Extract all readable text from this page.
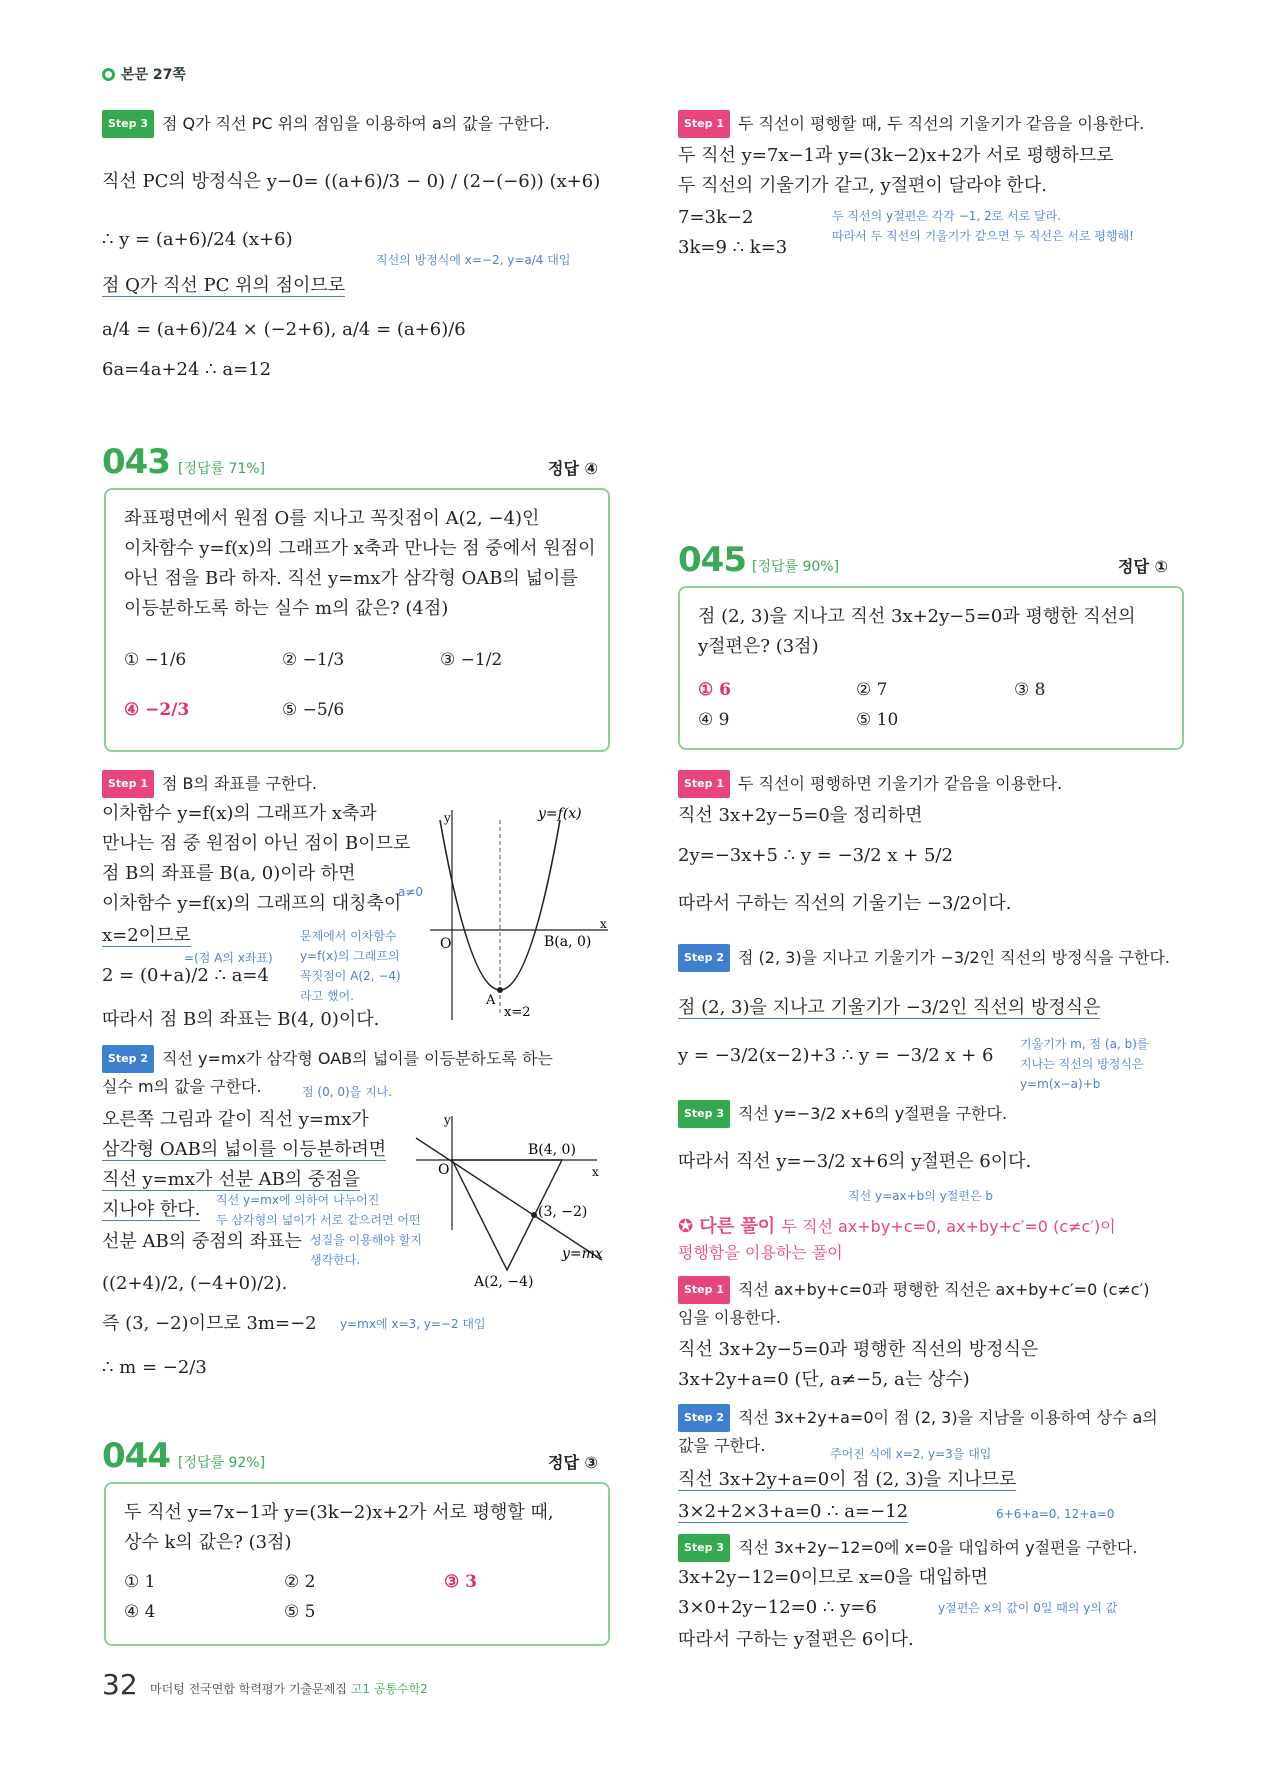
본문 27쪽
Step 3 점 Q가 직선 PC 위의 점임을 이용하여 a의 값을 구한다.
직선 PC의 방정식은 y−0= ((a+6)/3 − 0) / (2−(−6)) (x+6)
∴ y = (a+6)/24 (x+6)
직선의 방정식에 x=−2, y=a/4 대입
점 Q가 직선 PC 위의 점이므로
a/4 = (a+6)/24 × (−2+6), a/4 = (a+6)/6
6a=4a+24 ∴ a=12
043 [정답률 71%]	정답 ④
좌표평면에서 원점 O를 지나고 꼭짓점이 A(2, −4)인
이차함수 y=f(x)의 그래프가 x축과 만나는 점 중에서 원점이
아닌 점을 B라 하자. 직선 y=mx가 삼각형 OAB의 넓이를
이등분하도록 하는 실수 m의 값은? (4점)
① −1/6	② −1/3	③ −1/2
④ −2/3	⑤ −5/6
Step 1 점 B의 좌표를 구한다.
이차함수 y=f(x)의 그래프가 x축과
만나는 점 중 원점이 아닌 점이 B이므로
점 B의 좌표를 B(a, 0)이라 하면
이차함수 y=f(x)의 그래프의 대칭축이
x=2이므로
2 = (0+a)/2 ∴ a=4
따라서 점 B의 좌표는 B(4, 0)이다.
a≠0
=(점 A의 x좌표)
문제에서 이차함수
y=f(x)의 그래프의
꼭짓점이 A(2, −4)
라고 했어.
y	y=f(x)
O
x
B(a, 0)
A
x=2
Step 2 직선 y=mx가 삼각형 OAB의 넓이를 이등분하도록 하는
실수 m의 값을 구한다.	점 (0, 0)을 지나.
오른쪽 그림과 같이 직선 y=mx가
삼각형 OAB의 넓이를 이등분하려면
직선 y=mx가 선분 AB의 중점을
지나야 한다.
선분 AB의 중점의 좌표는
((2+4)/2, (−4+0)/2).
즉 (3, −2)이므로 3m=−2
∴ m = −2/3
직선 y=mx에 의하여 나누어진
두 삼각형의 넓이가 서로 같으려면 어떤
성질을 이용해야 할지
생각한다.
y=mx에 x=3, y=−2 대입
y
O	x
B(4, 0)
(3, −2)
A(2, −4)
y=mx
044 [정답률 92%]	정답 ③
두 직선 y=7x−1과 y=(3k−2)x+2가 서로 평행할 때,
상수 k의 값은? (3점)
① 1	② 2	③ 3
④ 4	⑤ 5
Step 1 두 직선이 평행할 때, 두 직선의 기울기가 같음을 이용한다.
두 직선 y=7x−1과 y=(3k−2)x+2가 서로 평행하므로
두 직선의 기울기가 같고, y절편이 달라야 한다.
7=3k−2
3k=9 ∴ k=3
두 직선의 y절편은 각각 −1, 2로 서로 달라.
따라서 두 직선의 기울기가 같으면 두 직선은 서로 평행해!
045 [정답률 90%]	정답 ①
점 (2, 3)을 지나고 직선 3x+2y−5=0과 평행한 직선의
y절편은? (3점)
① 6	② 7	③ 8
④ 9	⑤ 10
Step 1 두 직선이 평행하면 기울기가 같음을 이용한다.
직선 3x+2y−5=0을 정리하면
2y=−3x+5 ∴ y = −3/2 x + 5/2
따라서 구하는 직선의 기울기는 −3/2이다.
Step 2 점 (2, 3)을 지나고 기울기가 −3/2인 직선의 방정식을 구한다.
점 (2, 3)을 지나고 기울기가 −3/2인 직선의 방정식은
y = −3/2(x−2)+3 ∴ y = −3/2 x + 6
기울기가 m, 점 (a, b)를
지나는 직선의 방정식은
y=m(x−a)+b
Step 3 직선 y=−3/2 x+6의 y절편을 구한다.
따라서 직선 y=−3/2 x+6의 y절편은 6이다.
직선 y=ax+b의 y절편은 b
✪ 다른 풀이 두 직선 ax+by+c=0, ax+by+c′=0 (c≠c′)이
평행함을 이용하는 풀이
Step 1 직선 ax+by+c=0과 평행한 직선은 ax+by+c′=0 (c≠c′)
임을 이용한다.
직선 3x+2y−5=0과 평행한 직선의 방정식은
3x+2y+a=0 (단, a≠−5, a는 상수)
Step 2 직선 3x+2y+a=0이 점 (2, 3)을 지남을 이용하여 상수 a의
값을 구한다.	주어진 식에 x=2, y=3을 대입
직선 3x+2y+a=0이 점 (2, 3)을 지나므로
3×2+2×3+a=0 ∴ a=−12	6+6+a=0, 12+a=0
Step 3 직선 3x+2y−12=0에 x=0을 대입하여 y절편을 구한다.
3x+2y−12=0이므로 x=0을 대입하면
3×0+2y−12=0 ∴ y=6
따라서 구하는 y절편은 6이다.
y절편은 x의 값이 0일 때의 y의 값
32 마더텅 전국연합 학력평가 기출문제집 고1 공통수학2
